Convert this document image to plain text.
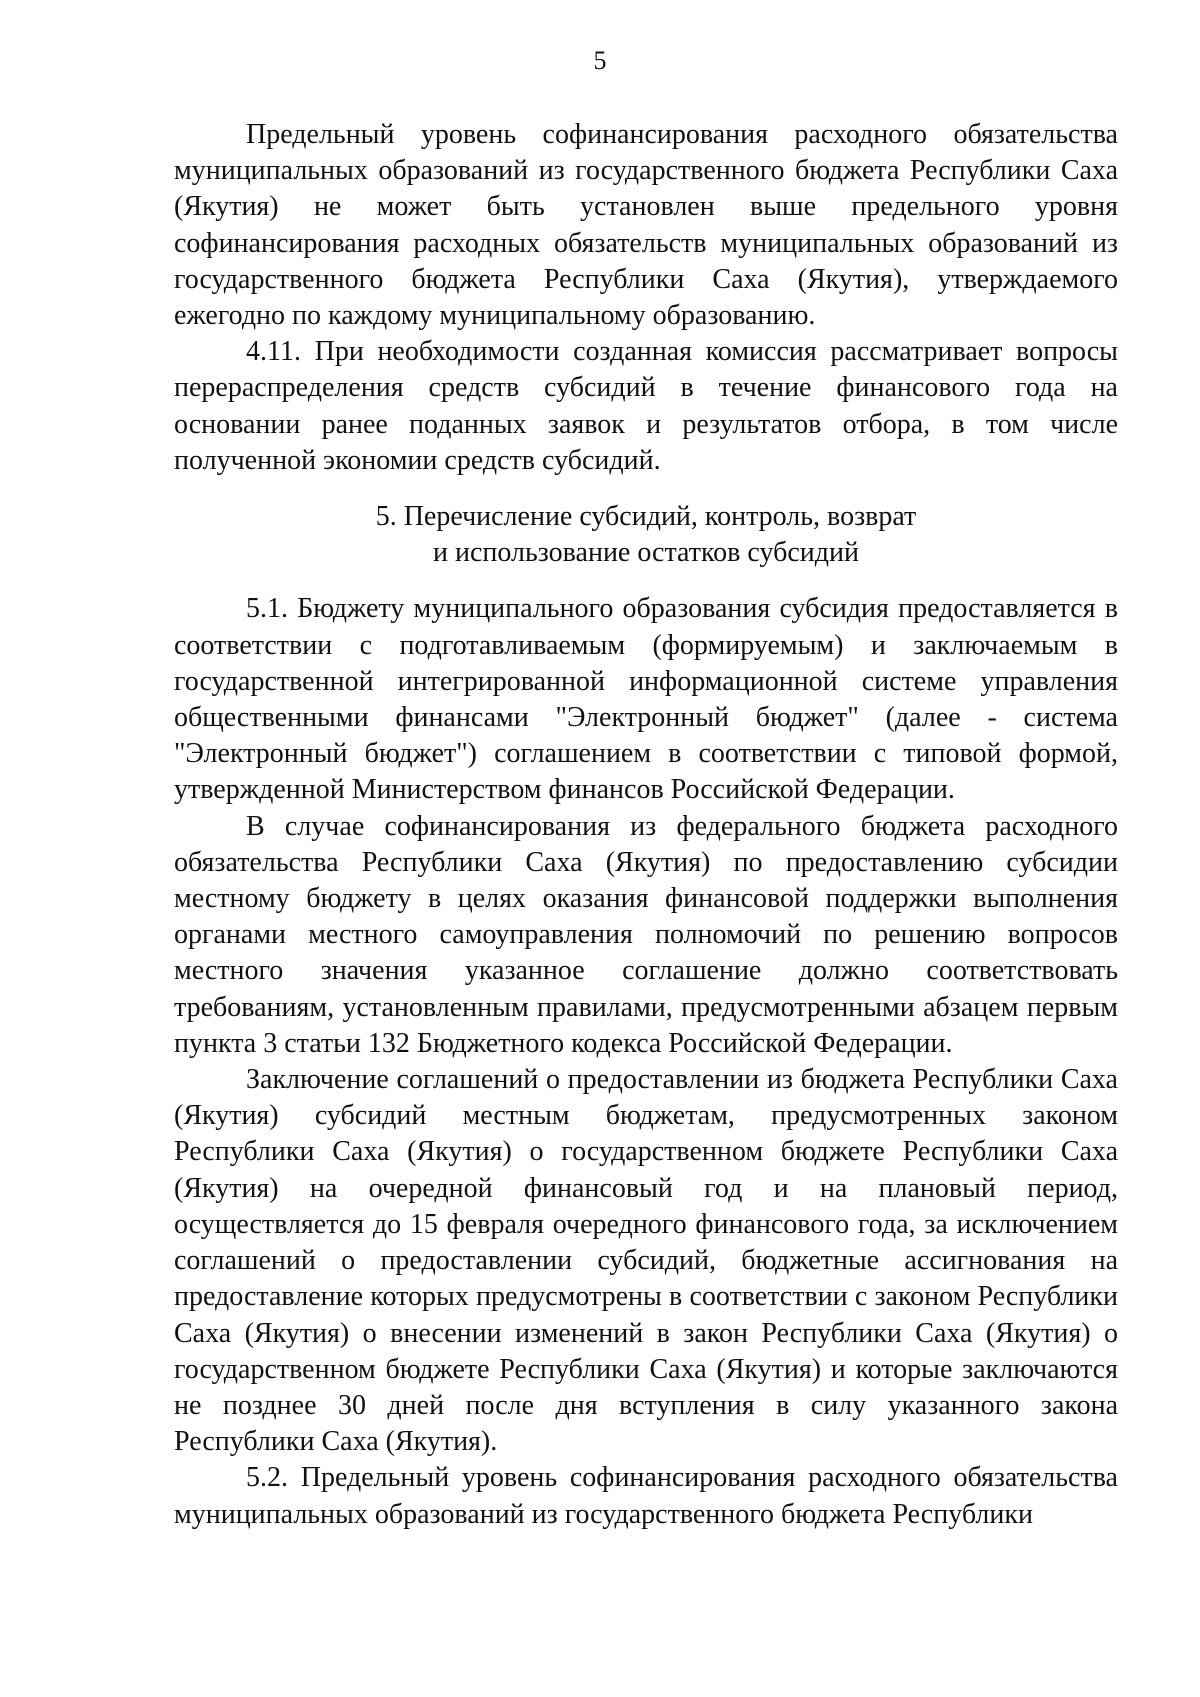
5

Предельный уровень софинансирования расходного обязательства муниципальных образований из государственного бюджета Республики Саха (Якутия) не может быть установлен выше предельного уровня софинансирования расходных обязательств муниципальных образований из государственного бюджета Республики Саха (Якутия), утверждаемого ежегодно по каждому муниципальному образованию.

4.11. При необходимости созданная комиссия рассматривает вопросы перераспределения средств субсидий в течение финансового года на основании ранее поданных заявок и результатов отбора, в том числе полученной экономии средств субсидий.

5. Перечисление субсидий, контроль, возврат
и использование остатков субсидий

5.1. Бюджету муниципального образования субсидия предоставляется в соответствии с подготавливаемым (формируемым) и заключаемым в государственной интегрированной информационной системе управления общественными финансами "Электронный бюджет" (далее - система "Электронный бюджет") соглашением в соответствии с типовой формой, утвержденной Министерством финансов Российской Федерации.

В случае софинансирования из федерального бюджета расходного обязательства Республики Саха (Якутия) по предоставлению субсидии местному бюджету в целях оказания финансовой поддержки выполнения органами местного самоуправления полномочий по решению вопросов местного значения указанное соглашение должно соответствовать требованиям, установленным правилами, предусмотренными абзацем первым пункта 3 статьи 132 Бюджетного кодекса Российской Федерации.

Заключение соглашений о предоставлении из бюджета Республики Саха (Якутия) субсидий местным бюджетам, предусмотренных законом Республики Саха (Якутия) о государственном бюджете Республики Саха (Якутия) на очередной финансовый год и на плановый период, осуществляется до 15 февраля очередного финансового года, за исключением соглашений о предоставлении субсидий, бюджетные ассигнования на предоставление которых предусмотрены в соответствии с законом Республики Саха (Якутия) о внесении изменений в закон Республики Саха (Якутия) о государственном бюджете Республики Саха (Якутия) и которые заключаются не позднее 30 дней после дня вступления в силу указанного закона Республики Саха (Якутия).

5.2. Предельный уровень софинансирования расходного обязательства муниципальных образований из государственного бюджета Республики
